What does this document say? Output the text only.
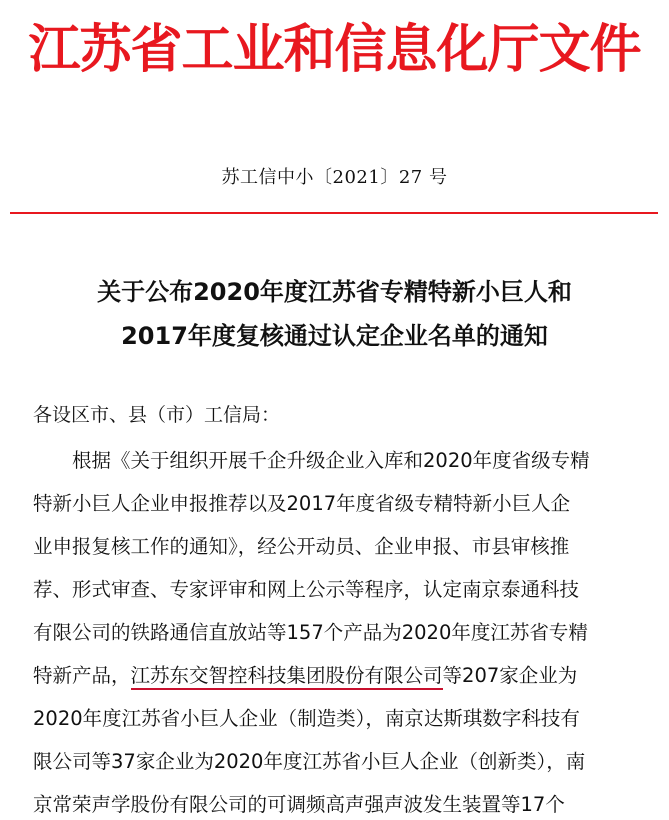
江苏省工业和信息化厅文件
苏工信中小〔2021〕27 号
关于公布2020年度江苏省专精特新小巨人和
2017年度复核通过认定企业名单的通知
各设区市、县（市）工信局：
根据《关于组织开展千企升级企业入库和2020年度省级专精
特新小巨人企业申报推荐以及2017年度省级专精特新小巨人企
业申报复核工作的通知》，经公开动员、企业申报、市县审核推
荐、形式审查、专家评审和网上公示等程序，认定南京泰通科技
有限公司的铁路通信直放站等157个产品为2020年度江苏省专精
特新产品，江苏东交智控科技集团股份有限公司等207家企业为
2020年度江苏省小巨人企业（制造类），南京达斯琪数字科技有
限公司等37家企业为2020年度江苏省小巨人企业（创新类），南
京常荣声学股份有限公司的可调频高声强声波发生装置等17个
